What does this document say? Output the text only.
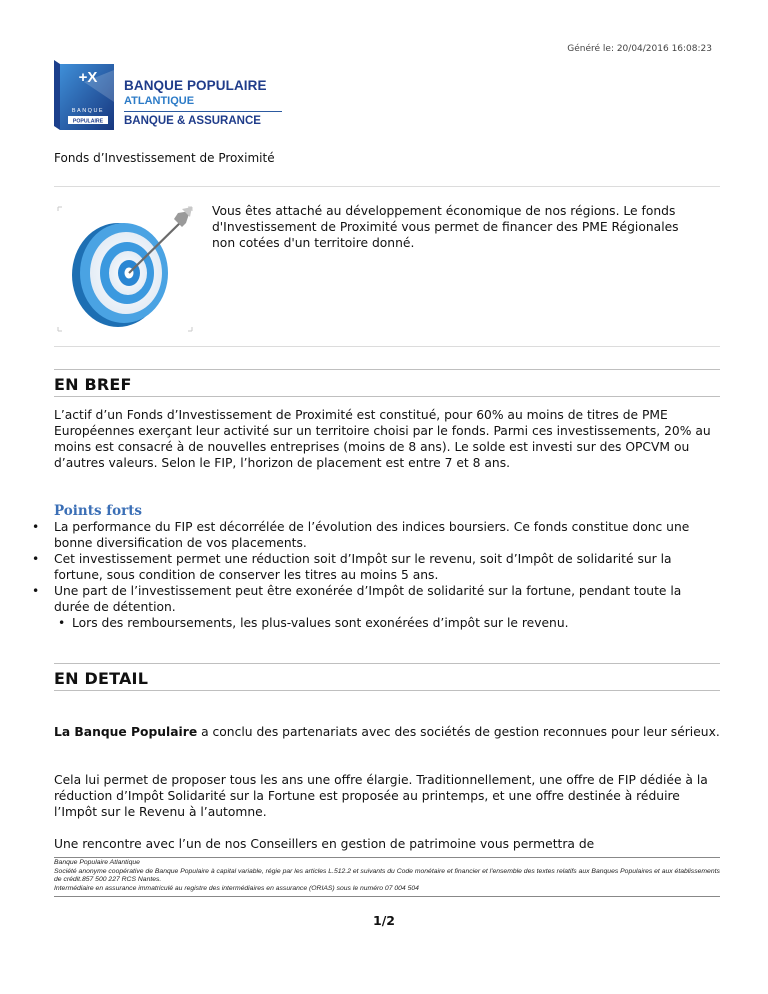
Généré le: 20/04/2016 16:08:23
+X
BANQUE
POPULAIRE
BANQUE POPULAIRE
ATLANTIQUE
BANQUE & ASSURANCE
Fonds d’Investissement de Proximité
Vous êtes attaché au développement économique de nos régions. Le fonds d'Investissement de Proximité vous permet de financer des PME Régionales non cotées d'un territoire donné.
EN BREF
L’actif d’un Fonds d’Investissement de Proximité est constitué, pour 60% au moins de titres de PME Européennes exerçant leur activité sur un territoire choisi par le fonds. Parmi ces investissements, 20% au moins est consacré à de nouvelles entreprises (moins de 8 ans). Le solde est investi sur des OPCVM ou d’autres valeurs. Selon le FIP, l’horizon de placement est entre 7 et 8 ans.
Points forts
• La performance du FIP est décorrélée de l’évolution des indices boursiers. Ce fonds constitue donc une bonne diversification de vos placements.
• Cet investissement permet une réduction soit d’Impôt sur le revenu, soit d’Impôt de solidarité sur la fortune, sous condition de conserver les titres au moins 5 ans.
• Une part de l’investissement peut être exonérée d’Impôt de solidarité sur la fortune, pendant toute la durée de détention.
• Lors des remboursements, les plus-values sont exonérées d’impôt sur le revenu.
EN DETAIL
La Banque Populaire a conclu des partenariats avec des sociétés de gestion reconnues pour leur sérieux.
Cela lui permet de proposer tous les ans une offre élargie. Traditionnellement, une offre de FIP dédiée à la réduction d’Impôt Solidarité sur la Fortune est proposée au printemps, et une offre destinée à réduire l’Impôt sur le Revenu à l’automne.
Une rencontre avec l’un de nos Conseillers en gestion de patrimoine vous permettra de
Banque Populaire Atlantique
Société anonyme coopérative de Banque Populaire à capital variable, régie par les articles L.512.2 et suivants du Code monétaire et financier et l'ensemble des textes relatifs aux Banques Populaires et aux établissements de crédit.857 500 227 RCS Nantes.
Intermédiaire en assurance immatriculé au registre des intermédiaires en assurance (ORIAS) sous le numéro 07 004 504
1/2
